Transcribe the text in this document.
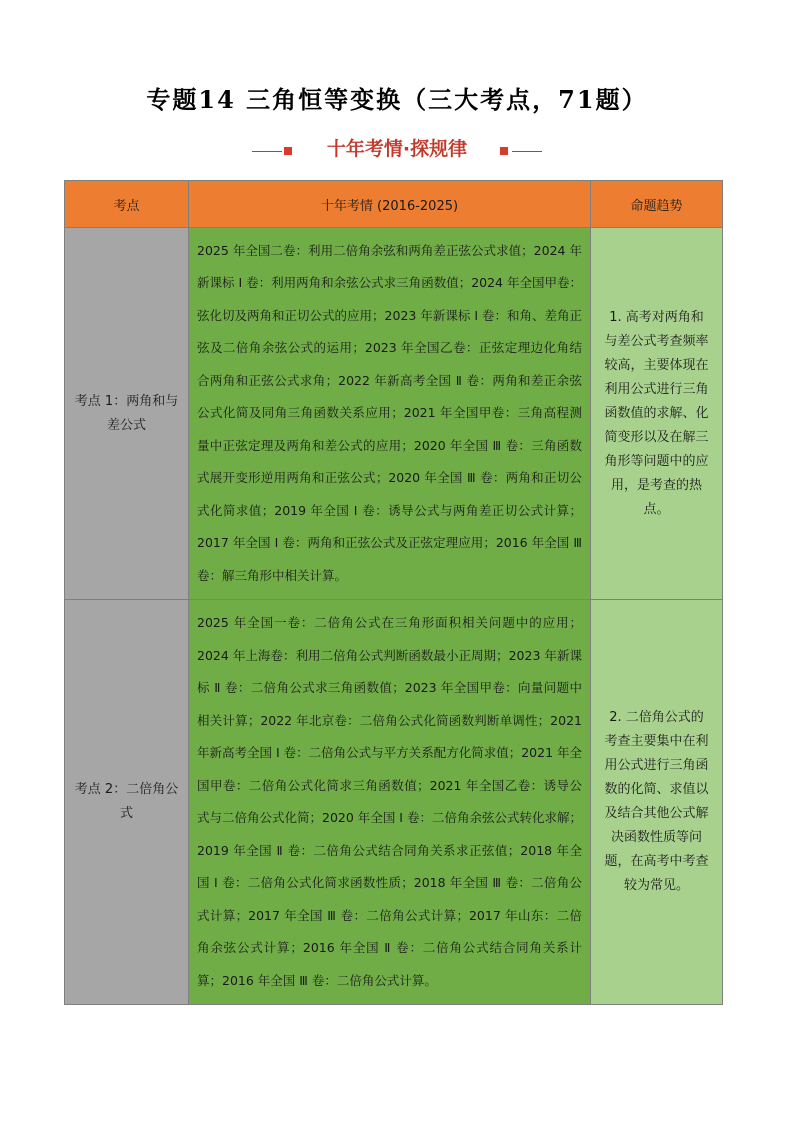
专题14 三角恒等变换（三大考点，71题）
十年考情·探规律
考点	十年考情 (2016-2025)	命题趋势
考点 1：两角和与差公式	2025 年全国二卷：利用二倍角余弦和两角差正弦公式求值；2024 年新课标 Ⅰ 卷：利用两角和余弦公式求三角函数值；2024 年全国甲卷：弦化切及两角和正切公式的应用；2023 年新课标 Ⅰ 卷：和角、差角正弦及二倍角余弦公式的运用；2023 年全国乙卷：正弦定理边化角结合两角和正弦公式求角；2022 年新高考全国 Ⅱ 卷：两角和差正余弦公式化简及同角三角函数关系应用；2021 年全国甲卷：三角高程测量中正弦定理及两角和差公式的应用；2020 年全国 Ⅲ 卷：三角函数式展开变形逆用两角和正弦公式；2020 年全国 Ⅲ 卷：两角和正切公式化简求值；2019 年全国 Ⅰ 卷：诱导公式与两角差正切公式计算；2017 年全国 Ⅰ 卷：两角和正弦公式及正弦定理应用；2016 年全国 Ⅲ 卷：解三角形中相关计算。	1. 高考对两角和与差公式考查频率较高，主要体现在利用公式进行三角函数值的求解、化简变形以及在解三角形等问题中的应用，是考查的热点。
考点 2：二倍角公式	2025 年全国一卷：二倍角公式在三角形面积相关问题中的应用；2024 年上海卷：利用二倍角公式判断函数最小正周期；2023 年新课标 Ⅱ 卷：二倍角公式求三角函数值；2023 年全国甲卷：向量问题中相关计算；2022 年北京卷：二倍角公式化简函数判断单调性；2021 年新高考全国 Ⅰ 卷：二倍角公式与平方关系配方化简求值；2021 年全国甲卷：二倍角公式化简求三角函数值；2021 年全国乙卷：诱导公式与二倍角公式化简；2020 年全国 Ⅰ 卷：二倍角余弦公式转化求解；2019 年全国 Ⅱ 卷：二倍角公式结合同角关系求正弦值；2018 年全国 Ⅰ 卷：二倍角公式化简求函数性质；2018 年全国 Ⅲ 卷：二倍角公式计算；2017 年全国 Ⅲ 卷：二倍角公式计算；2017 年山东：二倍角余弦公式计算；2016 年全国 Ⅱ 卷：二倍角公式结合同角关系计算；2016 年全国 Ⅲ 卷：二倍角公式计算。	2. 二倍角公式的考查主要集中在利用公式进行三角函数的化简、求值以及结合其他公式解决函数性质等问题，在高考中考查较为常见。
